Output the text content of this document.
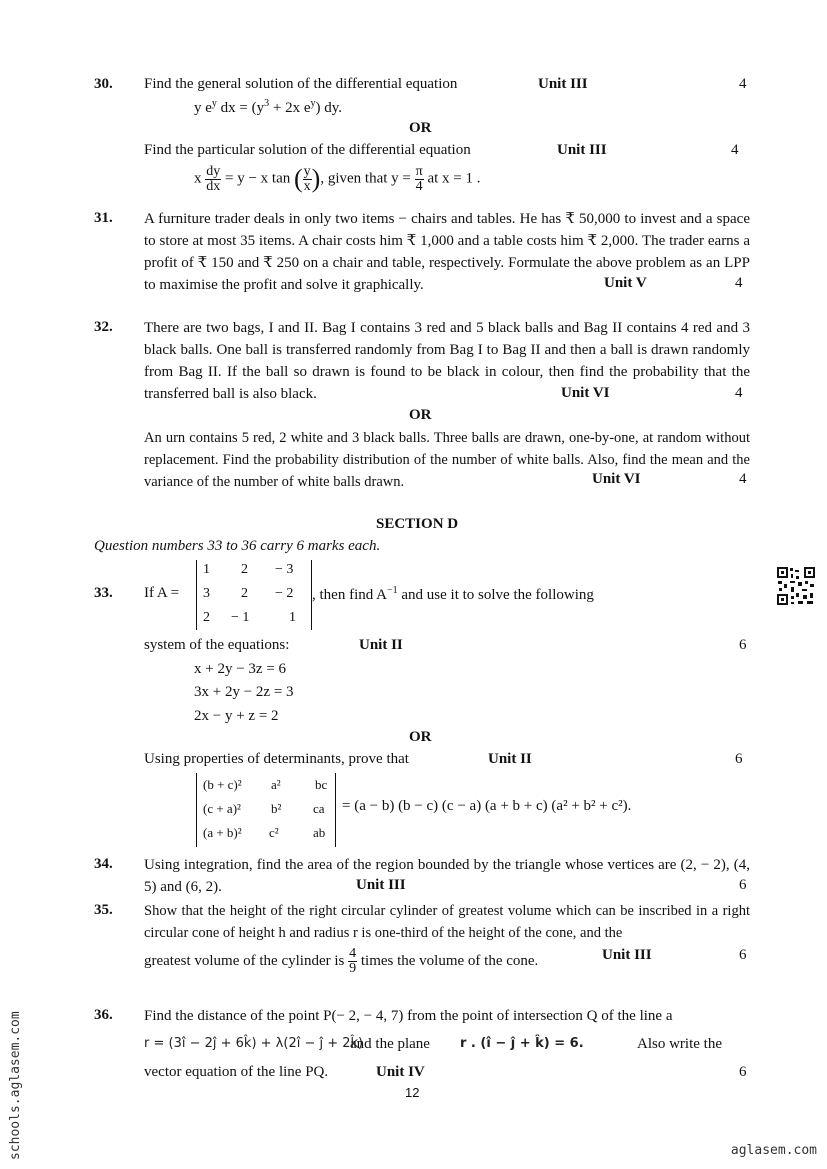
30. Find the general solution of the differential equation	Unit III	4
y $e^y$ dx = ($y^3 + 2x$ $e^y$) dy.
OR
Find the particular solution of the differential equation	Unit III	4
x $\frac{dy}{dx} = y - x$ tan ( $\frac{y}{x}$ ), given that $y = \frac{\pi}{4}$ at x = 1 .
31. A furniture trader deals in only two items − chairs and tables. He has ₹ 50,000 to invest and a space to store at most 35 items. A chair costs him ₹ 1,000 and a table costs him ₹ 2,000. The trader earns a profit of ₹ 150 and ₹ 250 on a chair and table, respectively. Formulate the above problem as an LPP to maximise the profit and solve it graphically.	Unit V	4
32. There are two bags, I and II. Bag I contains 3 red and 5 black balls and Bag II contains 4 red and 3 black balls. One ball is transferred randomly from Bag I to Bag II and then a ball is drawn randomly from Bag II. If the ball so drawn is found to be black in colour, then find the probability that the transferred ball is also black.	Unit VI	4
OR
An urn contains 5 red, 2 white and 3 black balls. Three balls are drawn, one-by-one, at random without replacement. Find the probability distribution of the number of white balls. Also, find the mean and the variance of the number of white balls drawn.	Unit VI	4
SECTION D
Question numbers 33 to 36 carry 6 marks each.
33. If A =
1 2 − 3
3 2 − 2
2 − 1	1
, then find $A^{-1}$ and use it to solve the following
system of the equations:	Unit II	6
x + 2y − 3z = 6
3x + 2y − 2z = 3
2x − y + z = 2
OR
Using properties of determinants, prove that	Unit II	6
(b + c)² a²	bc
(c + a)² b² ca
(a + b)² c²	ab
= (a − b) (b − c) (c − a) (a + b + c) (a² + b² + c²).
34. Using integration, find the area of the region bounded by the triangle whose vertices are (2, − 2), (4, 5) and (6, 2).	Unit III	6
35. Show that the height of the right circular cylinder of greatest volume which can be inscribed in a right circular cone of height h and radius r is one-third of the height of the cone, and the
greatest volume of the cylinder is $\frac{4}{9}$ times the volume of the cone.	Unit III	6
36. Find the distance of the point P(− 2, − 4, 7) from the point of intersection Q of the line a
r = (3î − 2ĵ + 6k̂) + λ(2î − ĵ + 2k̂)
and the plane r . (î − ĵ + k̂) = 6.	Also write the
vector equation of the line PQ.	Unit IV	6
12
schools.aglasem.com	aglasem.com
